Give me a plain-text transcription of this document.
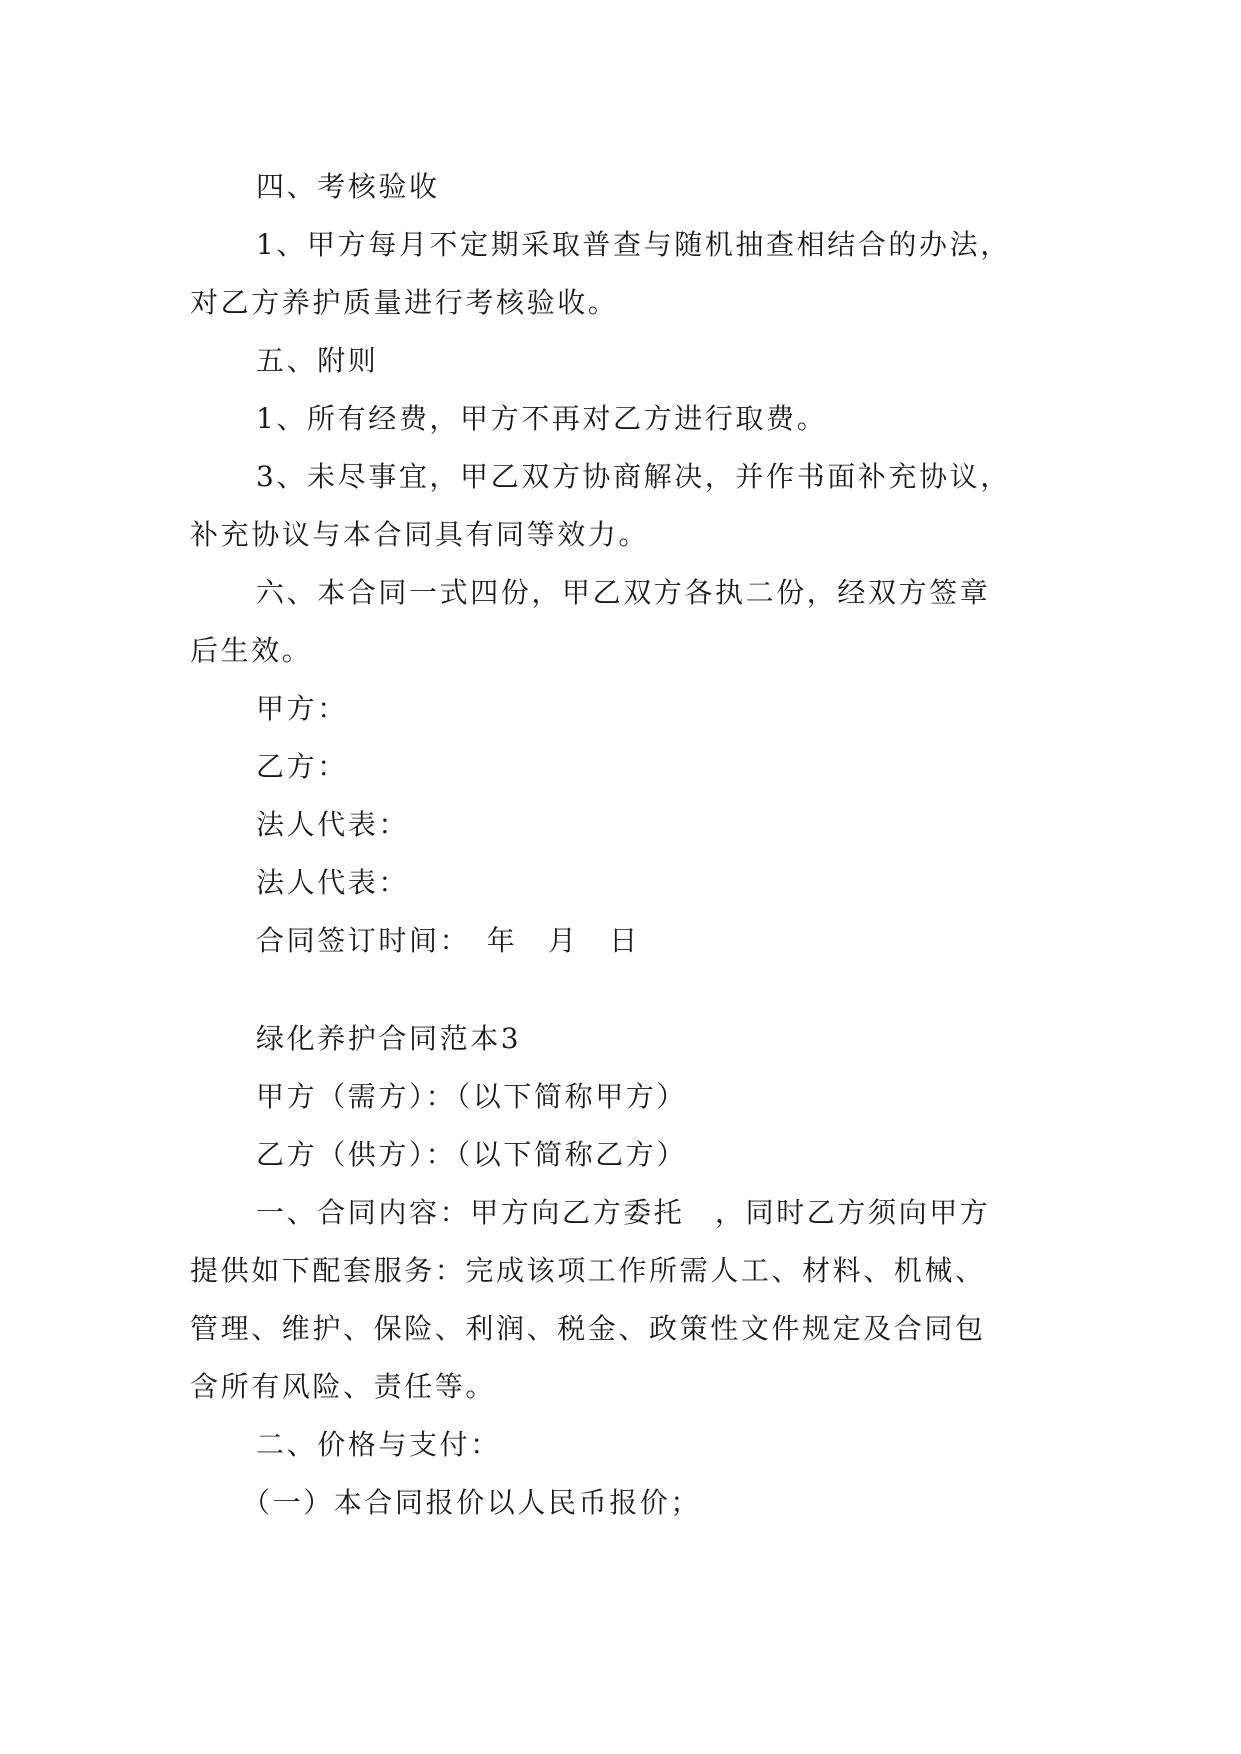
四、考核验收
1、甲方每月不定期采取普查与随机抽查相结合的办法，
对乙方养护质量进行考核验收。
五、附则
1、所有经费，甲方不再对乙方进行取费。
3、未尽事宜，甲乙双方协商解决，并作书面补充协议，
补充协议与本合同具有同等效力。
六、本合同一式四份，甲乙双方各执二份，经双方签章
后生效。
甲方：
乙方：
法人代表：
法人代表：
合同签订时间：　年　月　日
绿化养护合同范本3
甲方（需方）：（以下简称甲方）
乙方（供方）：（以下简称乙方）
一、合同内容：甲方向乙方委托　，同时乙方须向甲方
提供如下配套服务：完成该项工作所需人工、材料、机械、
管理、维护、保险、利润、税金、政策性文件规定及合同包
含所有风险、责任等。
二、价格与支付：
（一）本合同报价以人民币报价；
